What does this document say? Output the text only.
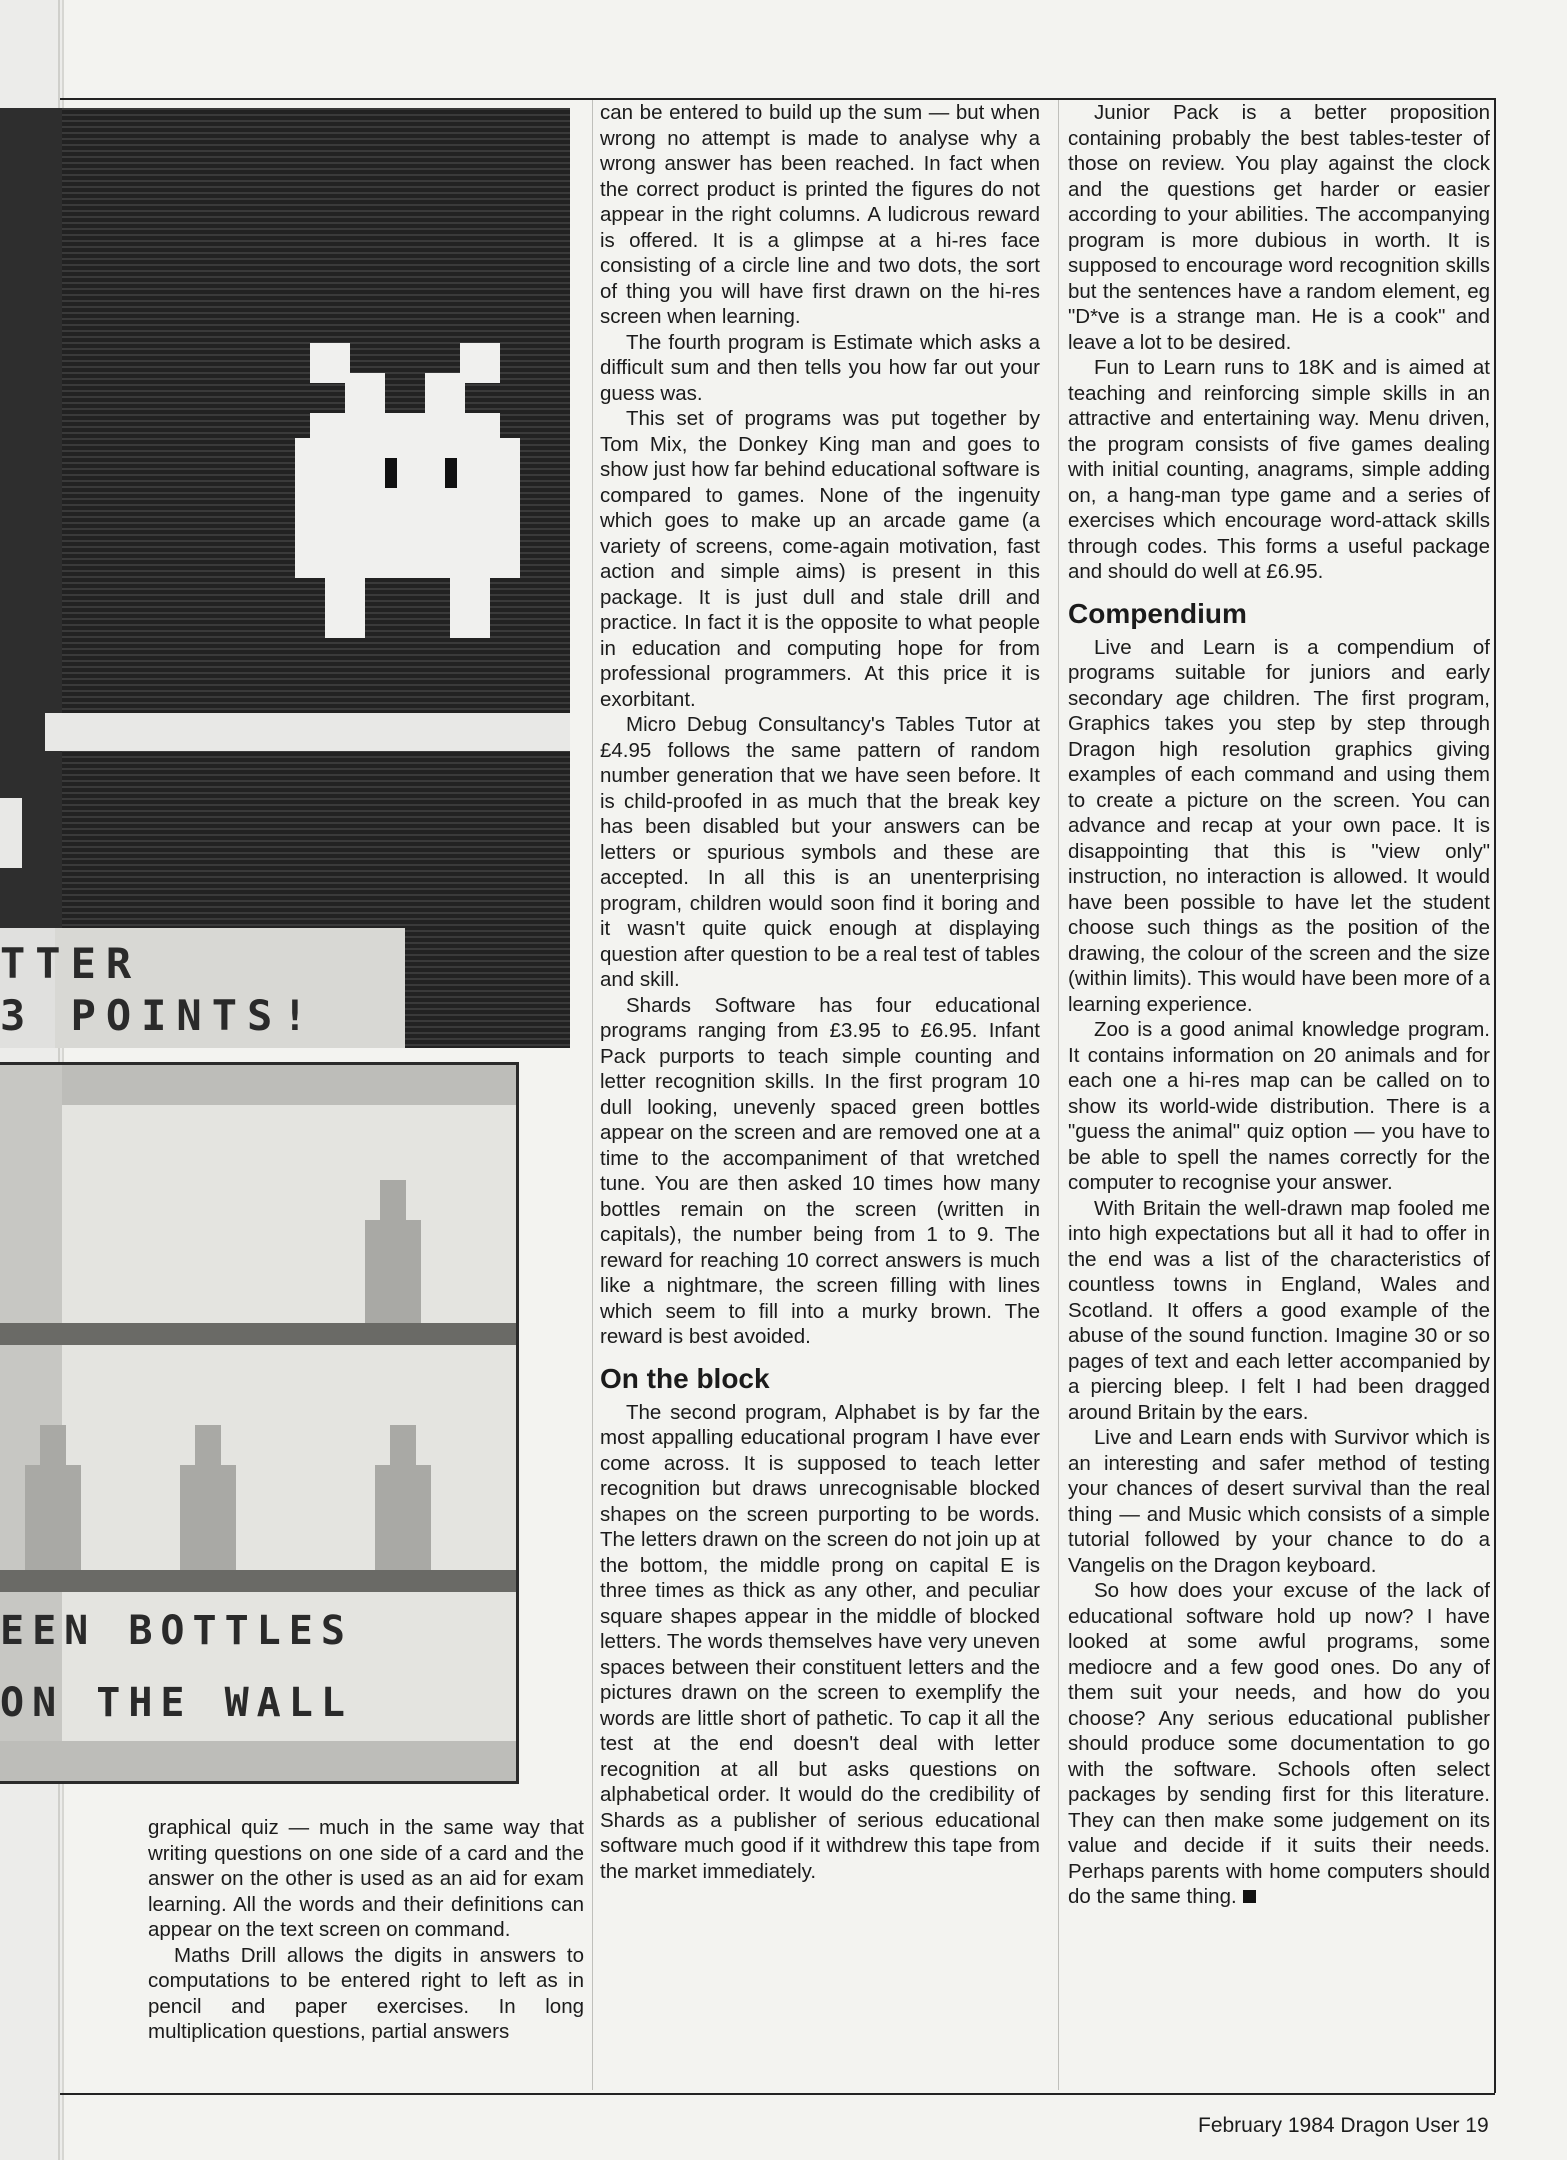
TTER
3 POINTS!
EEN BOTTLES
ON THE WALL

graphical quiz — much in the same way that writing questions on one side of a card and the answer on the other is used as an aid for exam learning. All the words and their definitions can appear on the text screen on command.

Maths Drill allows the digits in answers to computations to be entered right to left as in pencil and paper exercises. In long multiplication questions, partial answers

can be entered to build up the sum — but when wrong no attempt is made to analyse why a wrong answer has been reached. In fact when the correct product is printed the figures do not appear in the right columns. A ludicrous reward is offered. It is a glimpse at a hi-res face consisting of a circle line and two dots, the sort of thing you will have first drawn on the hi-res screen when learning.

The fourth program is Estimate which asks a difficult sum and then tells you how far out your guess was.

This set of programs was put together by Tom Mix, the Donkey King man and goes to show just how far behind educational software is compared to games. None of the ingenuity which goes to make up an arcade game (a variety of screens, come-again motivation, fast action and simple aims) is present in this package. It is just dull and stale drill and practice. In fact it is the opposite to what people in education and computing hope for from professional programmers. At this price it is exorbitant.

Micro Debug Consultancy's Tables Tutor at £4.95 follows the same pattern of random number generation that we have seen before. It is child-proofed in as much that the break key has been disabled but your answers can be letters or spurious symbols and these are accepted. In all this is an unenterprising program, children would soon find it boring and it wasn't quite quick enough at displaying question after question to be a real test of tables and skill.

Shards Software has four educational programs ranging from £3.95 to £6.95. Infant Pack purports to teach simple counting and letter recognition skills. In the first program 10 dull looking, unevenly spaced green bottles appear on the screen and are removed one at a time to the accompaniment of that wretched tune. You are then asked 10 times how many bottles remain on the screen (written in capitals), the number being from 1 to 9. The reward for reaching 10 correct answers is much like a nightmare, the screen filling with lines which seem to fill into a murky brown. The reward is best avoided.

On the block

The second program, Alphabet is by far the most appalling educational program I have ever come across. It is supposed to teach letter recognition but draws unrecognisable blocked shapes on the screen purporting to be words. The letters drawn on the screen do not join up at the bottom, the middle prong on capital E is three times as thick as any other, and peculiar square shapes appear in the middle of blocked letters. The words themselves have very uneven spaces between their constituent letters and the pictures drawn on the screen to exemplify the words are little short of pathetic. To cap it all the test at the end doesn't deal with letter recognition at all but asks questions on alphabetical order. It would do the credibility of Shards as a publisher of serious educational software much good if it withdrew this tape from the market immediately.

Junior Pack is a better proposition containing probably the best tables-tester of those on review. You play against the clock and the questions get harder or easier according to your abilities. The accompanying program is more dubious in worth. It is supposed to encourage word recognition skills but the sentences have a random element, eg "D*ve is a strange man. He is a cook" and leave a lot to be desired.

Fun to Learn runs to 18K and is aimed at teaching and reinforcing simple skills in an attractive and entertaining way. Menu driven, the program consists of five games dealing with initial counting, anagrams, simple adding on, a hang-man type game and a series of exercises which encourage word-attack skills through codes. This forms a useful package and should do well at £6.95.

Compendium

Live and Learn is a compendium of programs suitable for juniors and early secondary age children. The first program, Graphics takes you step by step through Dragon high resolution graphics giving examples of each command and using them to create a picture on the screen. You can advance and recap at your own pace. It is disappointing that this is "view only" instruction, no interaction is allowed. It would have been possible to have let the student choose such things as the position of the drawing, the colour of the screen and the size (within limits). This would have been more of a learning experience.

Zoo is a good animal knowledge program. It contains information on 20 animals and for each one a hi-res map can be called on to show its world-wide distribution. There is a "guess the animal" quiz option — you have to be able to spell the names correctly for the computer to recognise your answer.

With Britain the well-drawn map fooled me into high expectations but all it had to offer in the end was a list of the characteristics of countless towns in England, Wales and Scotland. It offers a good example of the abuse of the sound function. Imagine 30 or so pages of text and each letter accompanied by a piercing bleep. I felt I had been dragged around Britain by the ears.

Live and Learn ends with Survivor which is an interesting and safer method of testing your chances of desert survival than the real thing — and Music which consists of a simple tutorial followed by your chance to do a Vangelis on the Dragon keyboard.

So how does your excuse of the lack of educational software hold up now? I have looked at some awful programs, some mediocre and a few good ones. Do any of them suit your needs, and how do you choose? Any serious educational publisher should produce some documentation to go with the software. Schools often select packages by sending first for this literature. They can then make some judgement on its value and decide if it suits their needs. Perhaps parents with home computers should do the same thing.

February 1984 Dragon User 19
